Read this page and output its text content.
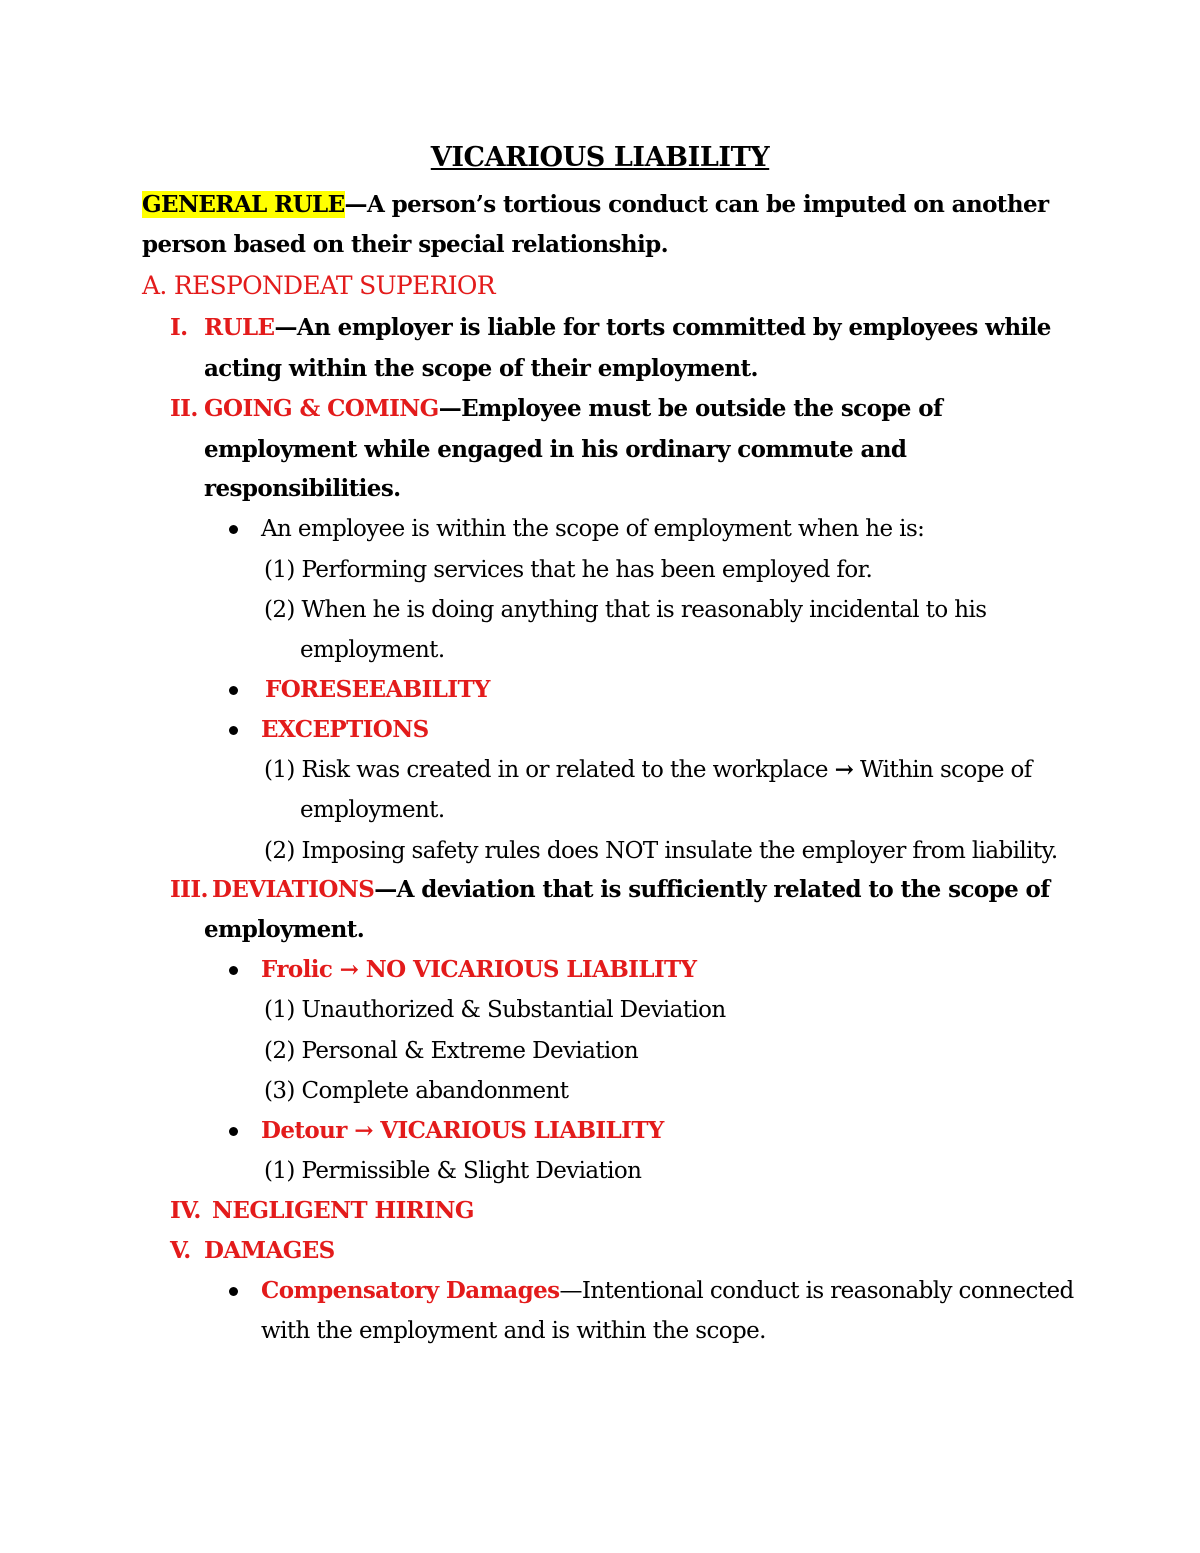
VICARIOUS LIABILITY
GENERAL RULE—A person’s tortious conduct can be imputed on another
person based on their special relationship.
A. RESPONDEAT SUPERIOR
I. RULE—An employer is liable for torts committed by employees while
acting within the scope of their employment.
II. GOING & COMING—Employee must be outside the scope of
employment while engaged in his ordinary commute and
responsibilities.
An employee is within the scope of employment when he is:
(1) Performing services that he has been employed for.
(2) When he is doing anything that is reasonably incidental to his
employment.
FORESEEABILITY
EXCEPTIONS
(1) Risk was created in or related to the workplace → Within scope of
employment.
(2) Imposing safety rules does NOT insulate the employer from liability.
III. DEVIATIONS—A deviation that is sufficiently related to the scope of
employment.
Frolic → NO VICARIOUS LIABILITY
(1) Unauthorized & Substantial Deviation
(2) Personal & Extreme Deviation
(3) Complete abandonment
Detour → VICARIOUS LIABILITY
(1) Permissible & Slight Deviation
IV. NEGLIGENT HIRING
V. DAMAGES
Compensatory Damages—Intentional conduct is reasonably connected
with the employment and is within the scope.
